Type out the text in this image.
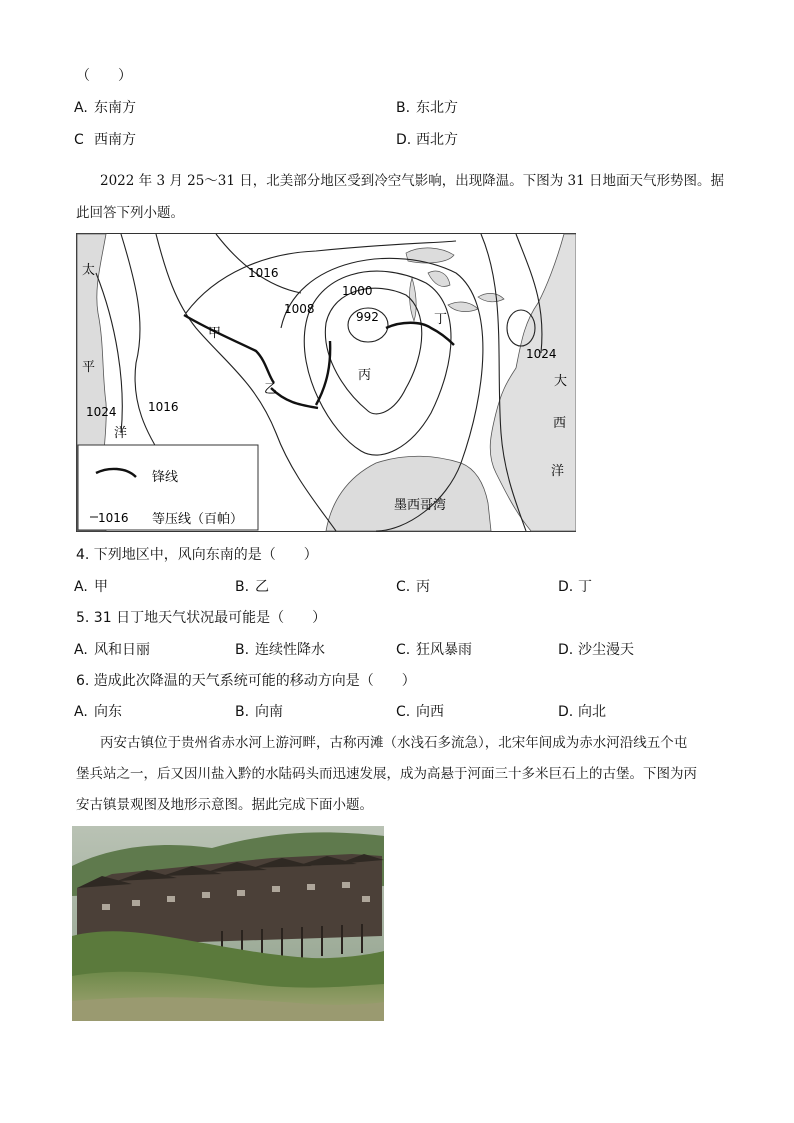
（　　）
A. 东南方	B. 东北方
C 西南方	D. 西北方
2022 年 3 月 25～31 日，北美部分地区受到冷空气影响，出现降温。下图为 31 日地面天气形势图。据
此回答下列小题。
太
平
洋
大
西
洋
墨西哥湾
甲
乙
丙
丁
1016
1008
1000
992
1024
1024	1016
锋线
1016 等压线（百帕）
4. 下列地区中，风向东南的是（　　）
A. 甲	B. 乙	C. 丙	D. 丁
5. 31 日丁地天气状况最可能是（　　）
A. 风和日丽	B. 连续性降水	C. 狂风暴雨	D. 沙尘漫天
6. 造成此次降温的天气系统可能的移动方向是（　　）
A. 向东	B. 向南	C. 向西	D. 向北
丙安古镇位于贵州省赤水河上游河畔，古称丙滩（水浅石多流急），北宋年间成为赤水河沿线五个屯
堡兵站之一，后又因川盐入黔的水陆码头而迅速发展，成为高悬于河面三十多米巨石上的古堡。下图为丙
安古镇景观图及地形示意图。据此完成下面小题。
